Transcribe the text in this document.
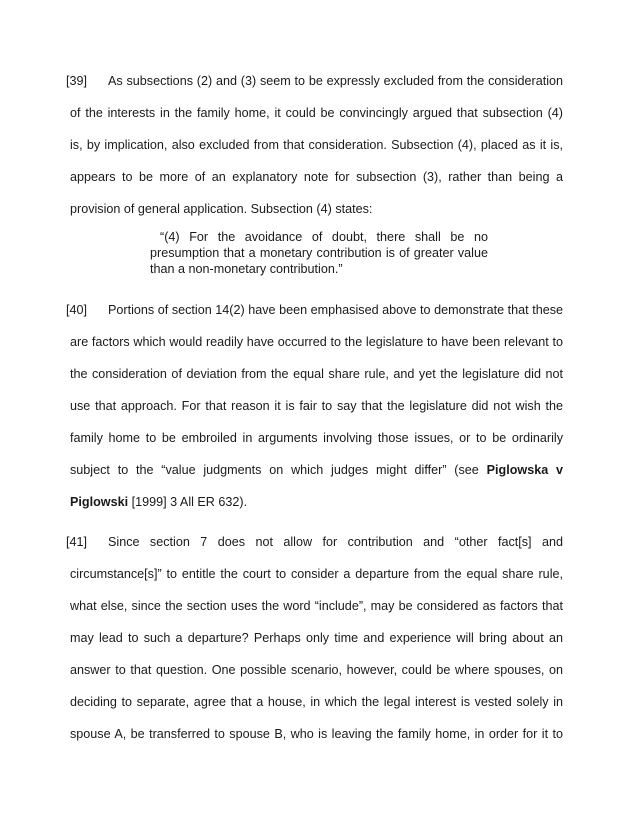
[39] As subsections (2) and (3) seem to be expressly excluded from the consideration
of the interests in the family home, it could be convincingly argued that subsection (4)
is, by implication, also excluded from that consideration. Subsection (4), placed as it is,
appears to be more of an explanatory note for subsection (3), rather than being a
provision of general application. Subsection (4) states:
“(4) For the avoidance of doubt, there shall be no
presumption that a monetary contribution is of greater value
than a non-monetary contribution.”
[40] Portions of section 14(2) have been emphasised above to demonstrate that these
are factors which would readily have occurred to the legislature to have been relevant to
the consideration of deviation from the equal share rule, and yet the legislature did not
use that approach. For that reason it is fair to say that the legislature did not wish the
family home to be embroiled in arguments involving those issues, or to be ordinarily
subject to the “value judgments on which judges might differ” (see Piglowska v
Piglowski [1999] 3 All ER 632).
[41] Since section 7 does not allow for contribution and “other fact[s] and
circumstance[s]” to entitle the court to consider a departure from the equal share rule,
what else, since the section uses the word “include”, may be considered as factors that
may lead to such a departure? Perhaps only time and experience will bring about an
answer to that question. One possible scenario, however, could be where spouses, on
deciding to separate, agree that a house, in which the legal interest is vested solely in
spouse A, be transferred to spouse B, who is leaving the family home, in order for it to
